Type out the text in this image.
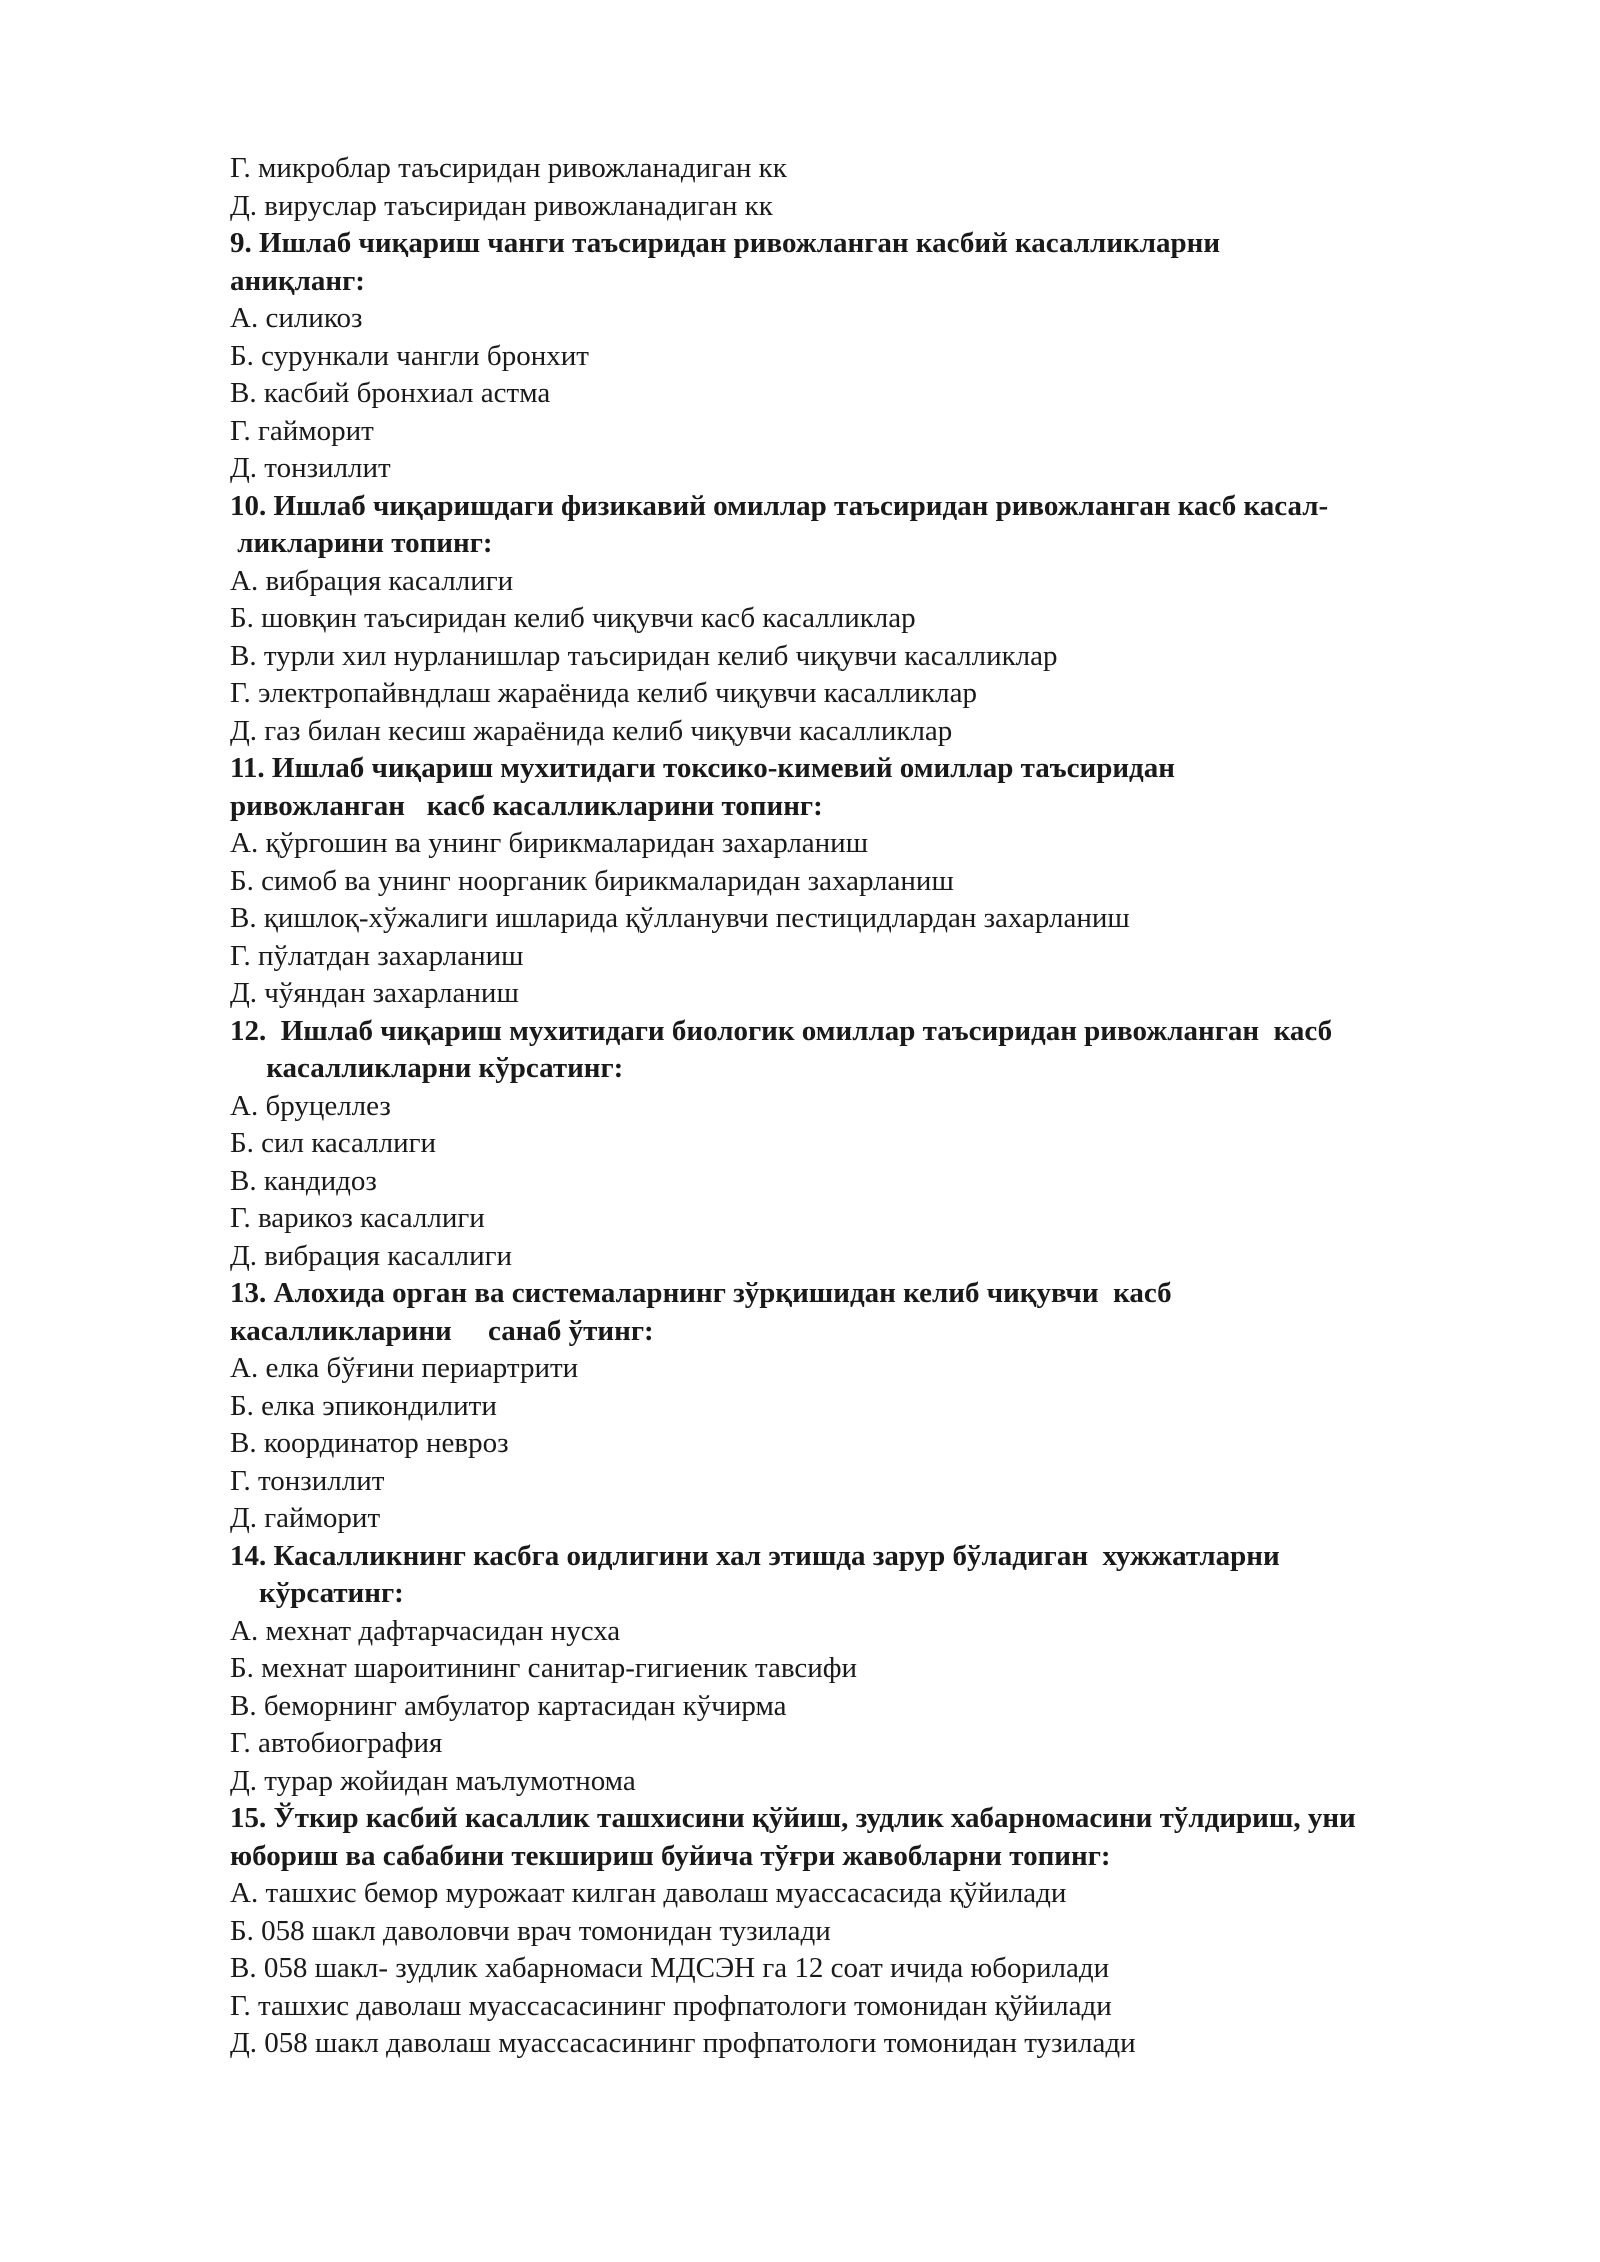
Г. микроблар таъсиридан ривожланадиган кк
Д. вируслар таъсиридан ривожланадиган кк
9. Ишлаб чиқариш чанги таъсиридан ривожланган касбий касалликларни
аниқланг:
А. силикоз
Б. сурункали чангли бронхит
В. касбий бронхиал астма
Г. гайморит
Д. тонзиллит
10. Ишлаб чиқаришдаги физикавий омиллар таъсиридан ривожланган касб касал-
ликларини топинг:
А. вибрация касаллиги
Б. шовқин таъсиридан келиб чиқувчи касб касалликлар
В. турли хил нурланишлар таъсиридан келиб чиқувчи касалликлар
Г. электропайвндлаш жараёнида келиб чиқувчи касалликлар
Д. газ билан кесиш жараёнида келиб чиқувчи касалликлар
11. Ишлаб чиқариш мухитидаги токсико-кимевий омиллар таъсиридан
ривожланган   касб касалликларини топинг:
А. қўргошин ва унинг бирикмаларидан захарланиш
Б. симоб ва унинг ноорганик бирикмаларидан захарланиш
В. қишлоқ-хўжалиги ишларида қўлланувчи пестицидлардан захарланиш
Г. пўлатдан захарланиш
Д. чўяндан захарланиш
12.  Ишлаб чиқариш мухитидаги биологик омиллар таъсиридан ривожланган  касб
касалликларни кўрсатинг:
А. бруцеллез
Б. сил касаллиги
В. кандидоз
Г. варикоз касаллиги
Д. вибрация касаллиги
13. Алохида орган ва системаларнинг зўрқишидан келиб чиқувчи  касб
касалликларини     санаб ўтинг:
А. елка бўғини периартрити
Б. елка эпикондилити
В. координатор невроз
Г. тонзиллит
Д. гайморит
14. Касалликнинг касбга оидлигини хал этишда зарур бўладиган  хужжатларни
кўрсатинг:
А. мехнат дафтарчасидан нусха
Б. мехнат шароитининг санитар-гигиеник тавсифи
В. беморнинг амбулатор картасидан кўчирма
Г. автобиография
Д. турар жойидан маълумотнома
15. Ўткир касбий касаллик ташхисини қўйиш, зудлик хабарномасини тўлдириш, уни
юбориш ва сабабини текшириш буйича тўғри жавобларни топинг:
А. ташхис бемор мурожаат килган даволаш муассасасида қўйилади
Б. 058 шакл даволовчи врач томонидан тузилади
В. 058 шакл- зудлик хабарномаси МДСЭН га 12 соат ичида юборилади
Г. ташхис даволаш муассасасининг профпатологи томонидан қўйилади
Д. 058 шакл даволаш муассасасининг профпатологи томонидан тузилади
